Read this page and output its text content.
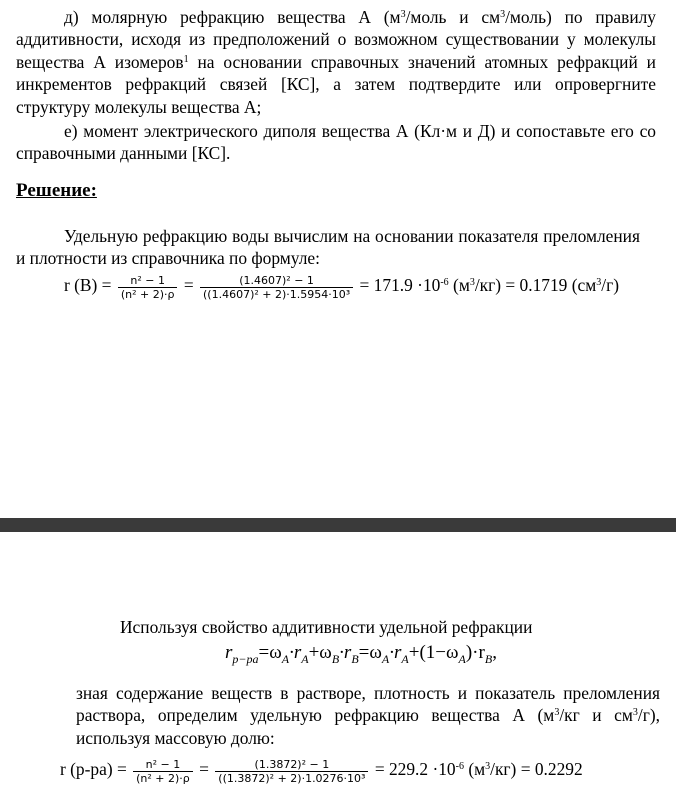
д) молярную рефракцию вещества А ($м^3$/моль и $см^3/моль$) по правилу аддитивности, исходя из предположений о возможном существовании у молекулы вещества А изомеров$^1$ на основании справочных значений атомных рефракций и инкрементов рефракций связей [КС], а затем подтвердите или опровергните структуру молекулы вещества А;

е) момент электрического диполя вещества А (Кл·м и Д) и сопоставьте его со справочными данными [КС].

Решение:

Удельную рефракцию воды вычислим на основании показателя преломления и плотности из справочника по формуле:

r $(B) = \frac{\text{n² − 1}}{\text{(n² + 2)·ρ}} = \frac{\text{(1.4607)² − 1}}{\text{((1.4607)² + 2)·1.5954·10³}} = 171.9 \cdot 10^{-6}$ $(м^3/кг) = 0.1719$ $(см^3/г)$

Используя свойство аддитивности удельной рефракции

$r_{p-pa}=\omega_A\cdot r_A+\omega_B\cdot r_B=\omega_A\cdot r_A+(1-\omega_A)\cdot r_B$,

зная содержание веществ в растворе, плотность и показатель преломления раствора, определим удельную рефракцию вещества А ($м^3/кг$ и $см^3/г$), используя массовую долю:

r $(р-ра) = \frac{\text{n² − 1}}{\text{(n² + 2)·ρ}} = \frac{\text{(1.3872)² − 1}}{\text{((1.3872)² + 2)·1.0276·10³}} = 229.2 \cdot 10^{-6}$ $(м^3/кг) = 0.2292$
